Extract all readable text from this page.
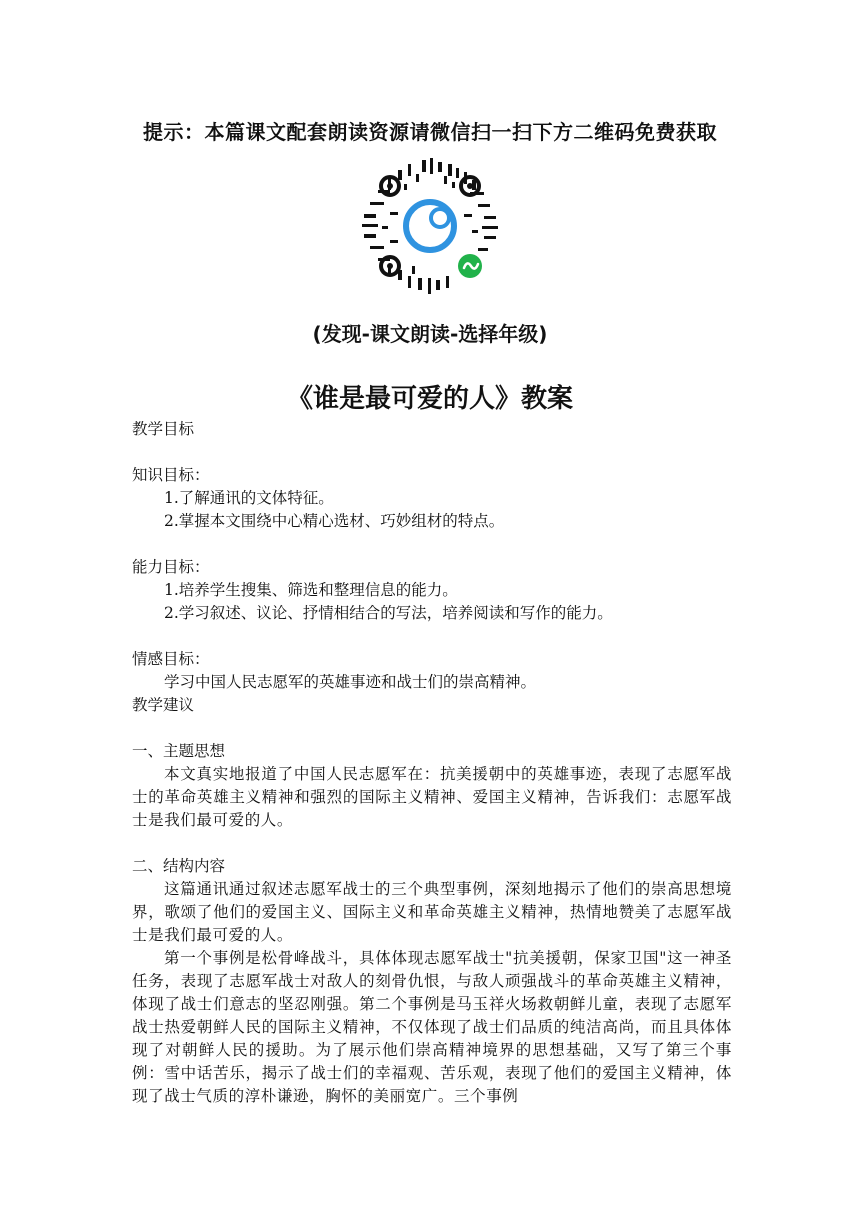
提示：本篇课文配套朗读资源请微信扫一扫下方二维码免费获取
(发现-课文朗读-选择年级)
《谁是最可爱的人》教案

教学目标

知识目标：

1.了解通讯的文体特征。

2.掌握本文围绕中心精心选材、巧妙组材的特点。

能力目标：

1.培养学生搜集、筛选和整理信息的能力。

2.学习叙述、议论、抒情相结合的写法，培养阅读和写作的能力。

情感目标：

学习中国人民志愿军的英雄事迹和战士们的崇高精神。

教学建议

一、主题思想

本文真实地报道了中国人民志愿军在：抗美援朝中的英雄事迹，表现了志愿军战士的革命英雄主义精神和强烈的国际主义精神、爱国主义精神，告诉我们：志愿军战士是我们最可爱的人。

二、结构内容

这篇通讯通过叙述志愿军战士的三个典型事例，深刻地揭示了他们的崇高思想境界，歌颂了他们的爱国主义、国际主义和革命英雄主义精神，热情地赞美了志愿军战士是我们最可爱的人。

第一个事例是松骨峰战斗，具体体现志愿军战士"抗美援朝，保家卫国"这一神圣任务，表现了志愿军战士对敌人的刻骨仇恨，与敌人顽强战斗的革命英雄主义精神，体现了战士们意志的坚忍刚强。第二个事例是马玉祥火场救朝鲜儿童，表现了志愿军战士热爱朝鲜人民的国际主义精神，不仅体现了战士们品质的纯洁高尚，而且具体体现了对朝鲜人民的援助。为了展示他们崇高精神境界的思想基础，又写了第三个事例：雪中话苦乐，揭示了战士们的幸福观、苦乐观，表现了他们的爱国主义精神，体现了战士气质的淳朴谦逊，胸怀的美丽宽广。三个事例
